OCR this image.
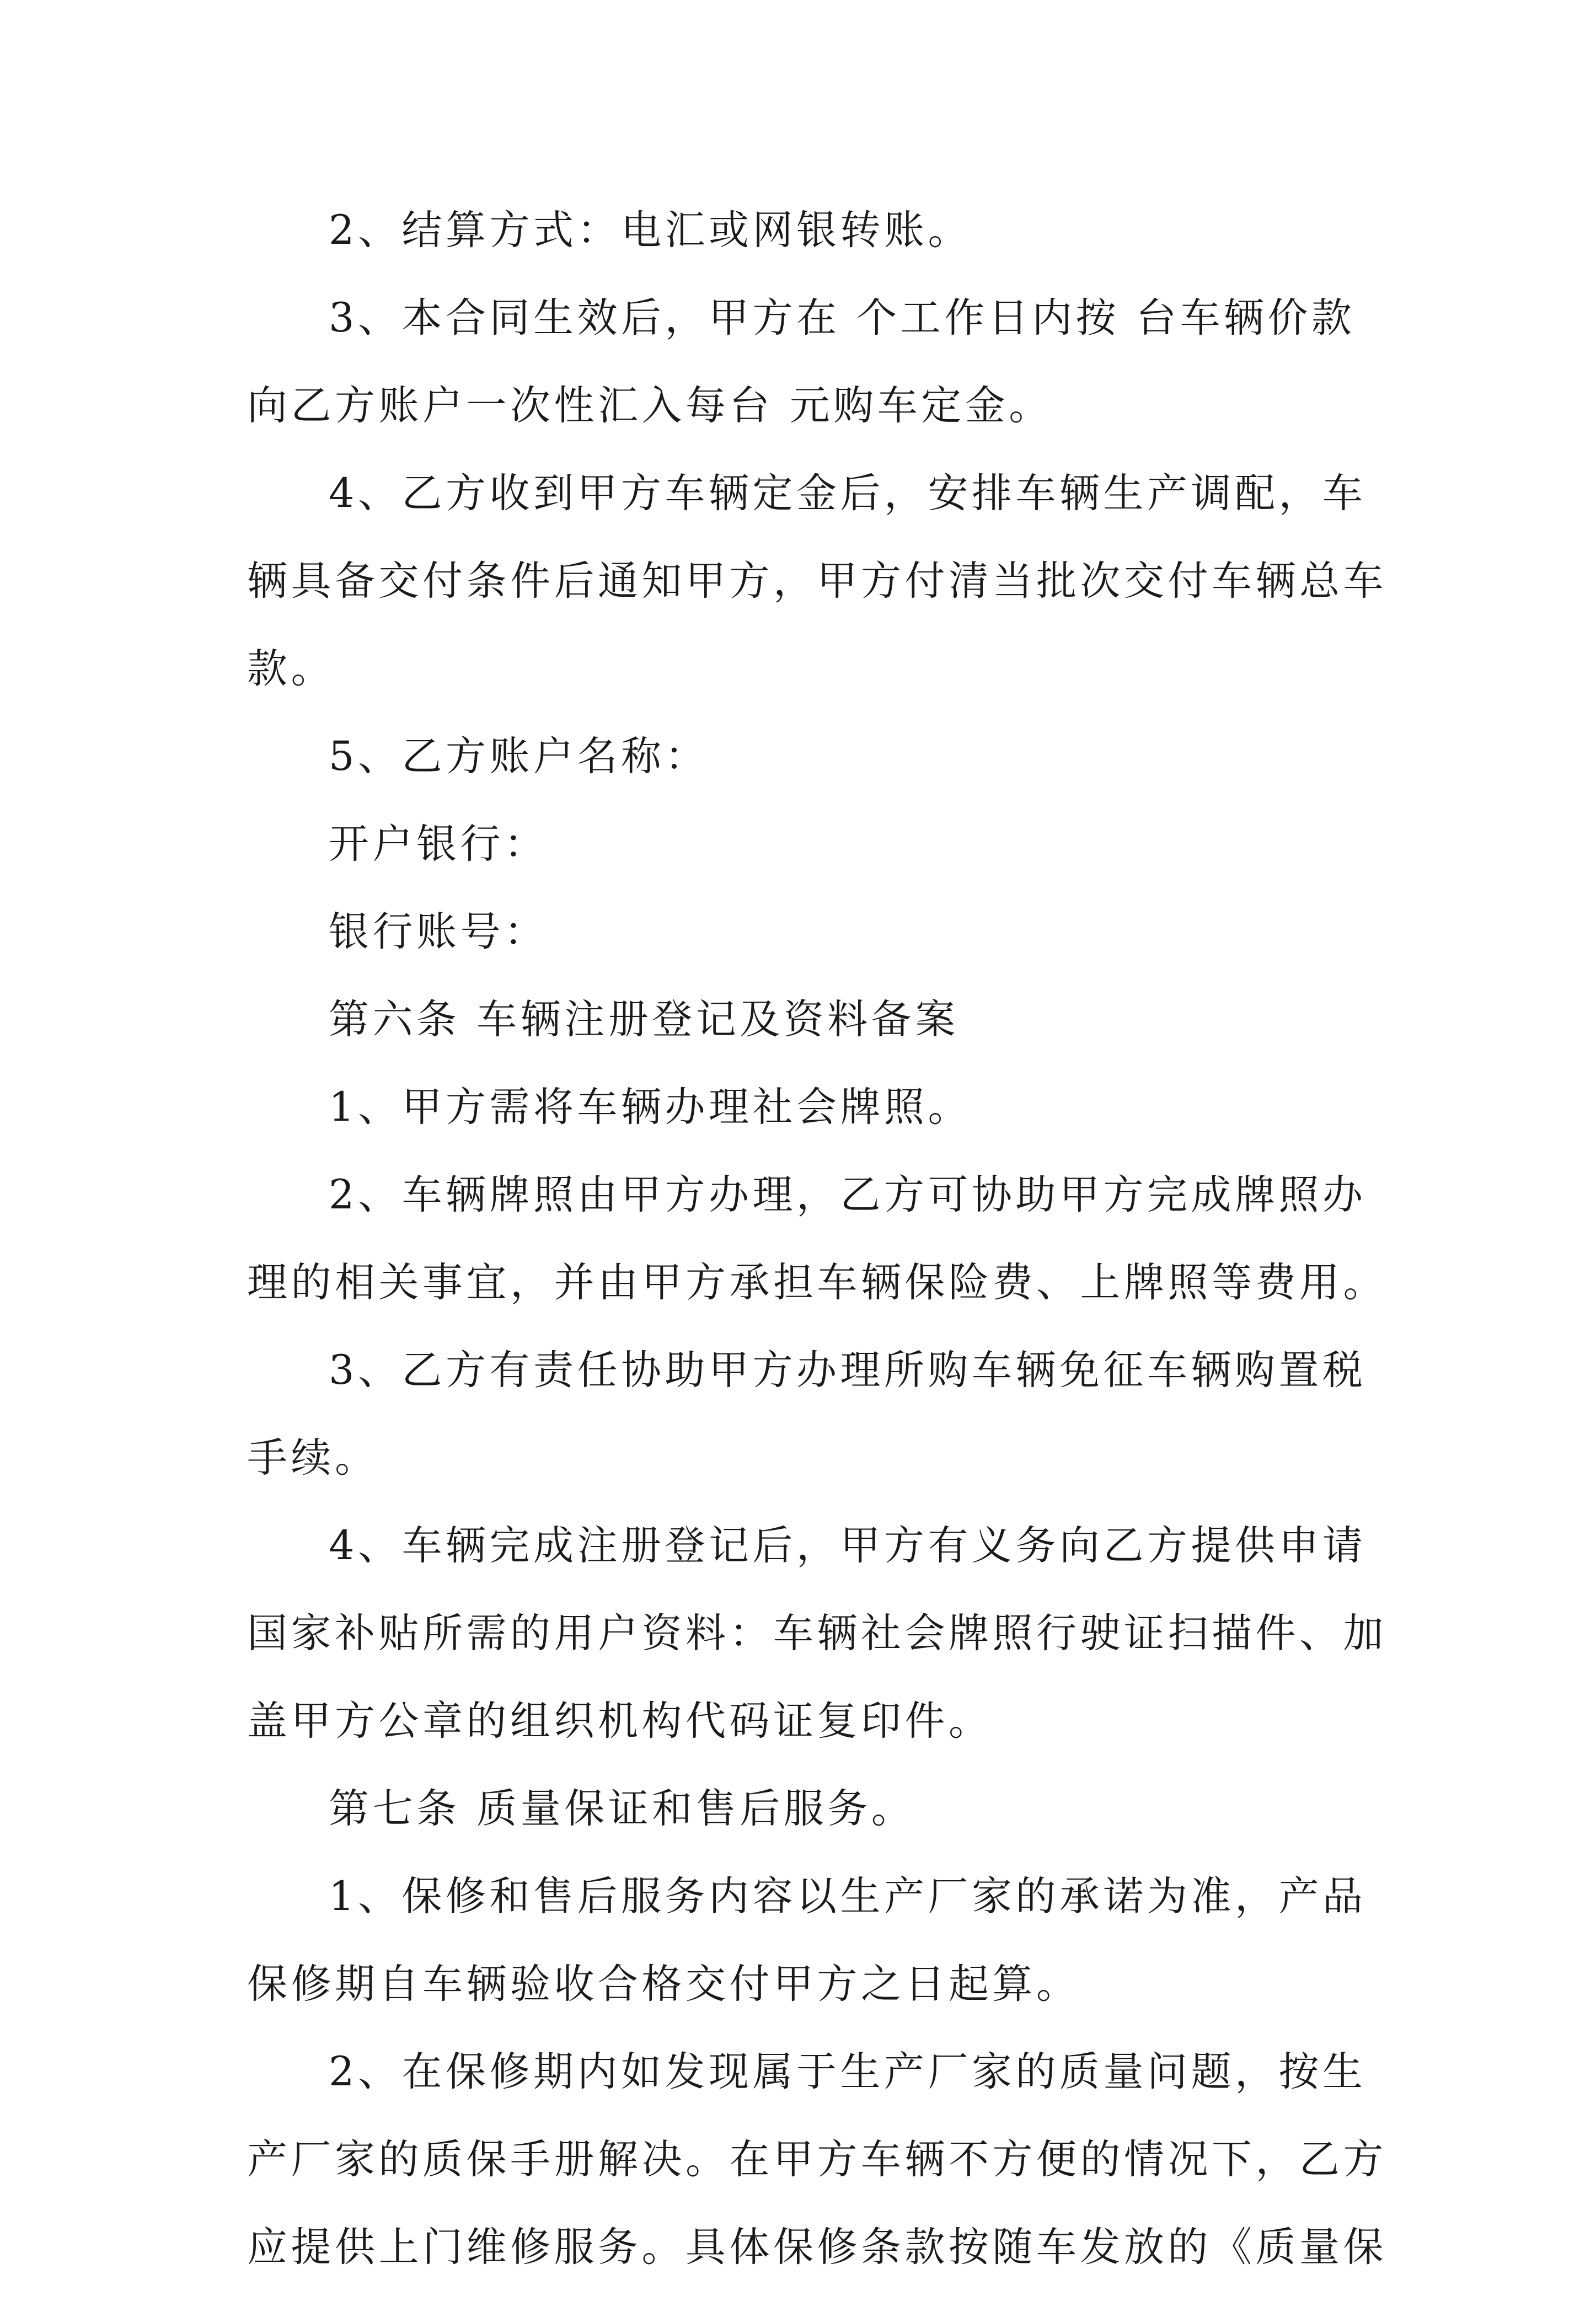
2、结算方式：电汇或网银转账。
3、本合同生效后，甲方在 个工作日内按 台车辆价款
向乙方账户一次性汇入每台 元购车定金。
4、乙方收到甲方车辆定金后，安排车辆生产调配，车
辆具备交付条件后通知甲方，甲方付清当批次交付车辆总车
款。
5、乙方账户名称：
开户银行：
银行账号：
第六条 车辆注册登记及资料备案
1、甲方需将车辆办理社会牌照。
2、车辆牌照由甲方办理，乙方可协助甲方完成牌照办
理的相关事宜，并由甲方承担车辆保险费、上牌照等费用。
3、乙方有责任协助甲方办理所购车辆免征车辆购置税
手续。
4、车辆完成注册登记后，甲方有义务向乙方提供申请
国家补贴所需的用户资料：车辆社会牌照行驶证扫描件、加
盖甲方公章的组织机构代码证复印件。
第七条 质量保证和售后服务。
1、保修和售后服务内容以生产厂家的承诺为准，产品
保修期自车辆验收合格交付甲方之日起算。
2、在保修期内如发现属于生产厂家的质量问题，按生
产厂家的质保手册解决。在甲方车辆不方便的情况下，乙方
应提供上门维修服务。具体保修条款按随车发放的《质量保
